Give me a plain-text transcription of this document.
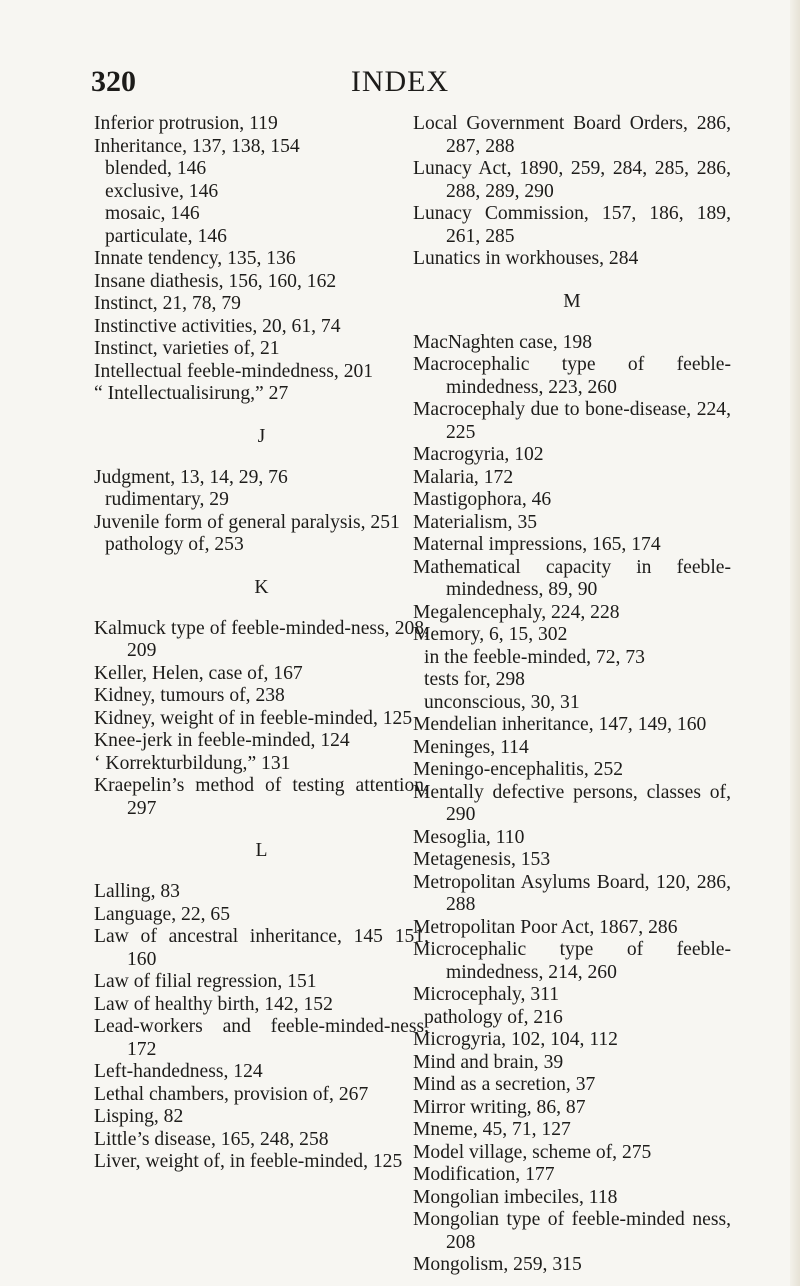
320	INDEX
Inferior protrusion, 119
Inheritance, 137, 138, 154
blended, 146
exclusive, 146
mosaic, 146
particulate, 146
Innate tendency, 135, 136
Insane diathesis, 156, 160, 162
Instinct, 21, 78, 79
Instinctive activities, 20, 61, 74
Instinct, varieties of, 21
Intellectual feeble-mindedness, 201
“ Intellectualisirung,” 27
J
Judgment, 13, 14, 29, 76
rudimentary, 29
Juvenile form of general paralysis, 251
pathology of, 253
K
Kalmuck type of feeble-minded-ness, 208, 209
Keller, Helen, case of, 167
Kidney, tumours of, 238
Kidney, weight of in feeble-minded, 125
Knee-jerk in feeble-minded, 124
‘ Korrekturbildung,” 131
Kraepelin’s method of testing attention, 297
L
Lalling, 83
Language, 22, 65
Law of ancestral inheritance, 145 151, 160
Law of filial regression, 151
Law of healthy birth, 142, 152
Lead-workers and feeble-minded-ness, 172
Left-handedness, 124
Lethal chambers, provision of, 267
Lisping, 82
Little’s disease, 165, 248, 258
Liver, weight of, in feeble-minded, 125
Local Government Board Orders, 286, 287, 288
Lunacy Act, 1890, 259, 284, 285, 286, 288, 289, 290
Lunacy Commission, 157, 186, 189, 261, 285
Lunatics in workhouses, 284
M
MacNaghten case, 198
Macrocephalic type of feeble-mindedness, 223, 260
Macrocephaly due to bone-disease, 224, 225
Macrogyria, 102
Malaria, 172
Mastigophora, 46
Materialism, 35
Maternal impressions, 165, 174
Mathematical capacity in feeble-mindedness, 89, 90
Megalencephaly, 224, 228
Memory, 6, 15, 302
in the feeble-minded, 72, 73
tests for, 298
unconscious, 30, 31
Mendelian inheritance, 147, 149, 160
Meninges, 114
Meningo-encephalitis, 252
Mentally defective persons, classes of, 290
Mesoglia, 110
Metagenesis, 153
Metropolitan Asylums Board, 120, 286, 288
Metropolitan Poor Act, 1867, 286
Microcephalic type of feeble-mindedness, 214, 260
Microcephaly, 311
pathology of, 216
Microgyria, 102, 104, 112
Mind and brain, 39
Mind as a secretion, 37
Mirror writing, 86, 87
Mneme, 45, 71, 127
Model village, scheme of, 275
Modification, 177
Mongolian imbeciles, 118
Mongolian type of feeble-minded ness, 208
Mongolism, 259, 315
